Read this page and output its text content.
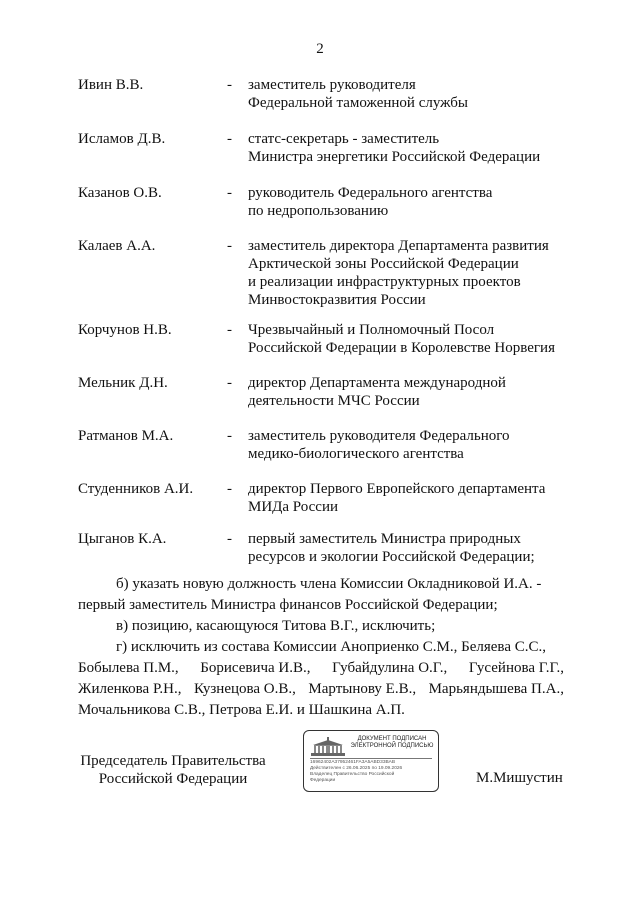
2
Ивин В.В.	- заместитель руководителя
Федеральной таможенной службы
Исламов Д.В.	- статс-секретарь - заместитель
Министра энергетики Российской Федерации
Казанов О.В.	- руководитель Федерального агентства
по недропользованию
Калаев А.А.	- заместитель директора Департамента развития
Арктической зоны Российской Федерации
и реализации инфраструктурных проектов
Минвостокразвития России
Корчунов Н.В.	- Чрезвычайный и Полномочный Посол
Российской Федерации в Королевстве Норвегия
Мельник Д.Н.	- директор Департамента международной
деятельности МЧС России
Ратманов М.А.	- заместитель руководителя Федерального
медико-биологического агентства
Студенников А.И. - директор Первого Европейского департамента
МИДа России
Цыганов К.А.	- первый заместитель Министра природных
ресурсов и экологии Российской Федерации;
б) указать новую должность члена Комиссии Окладниковой И.А. -
первый заместитель Министра финансов Российской Федерации;
в) позицию, касающуюся Титова В.Г., исключить;
г) исключить из состава Комиссии Аноприенко С.М., Беляева С.С.,
Бобылева П.М., Борисевича И.В., Губайдулина О.Г., Гусейнова Г.Г.,
Жиленкова Р.Н., Кузнецова О.В., Мартынову Е.В., Марьяндышева П.А.,
Мочальникова С.В., Петрова Е.И. и Шашкина А.П.
Председатель Правительства
Российской Федерации
ДОКУМЕНТ ПОДПИСАН
ЭЛЕКТРОННОЙ ПОДПИСЬЮ
16962402A37952461FA3A5ABD33BAB
Действителен с 26.06.2025 по 19.09.2026
Владелец Правительство Российской
Федерации	М.Мишустин
